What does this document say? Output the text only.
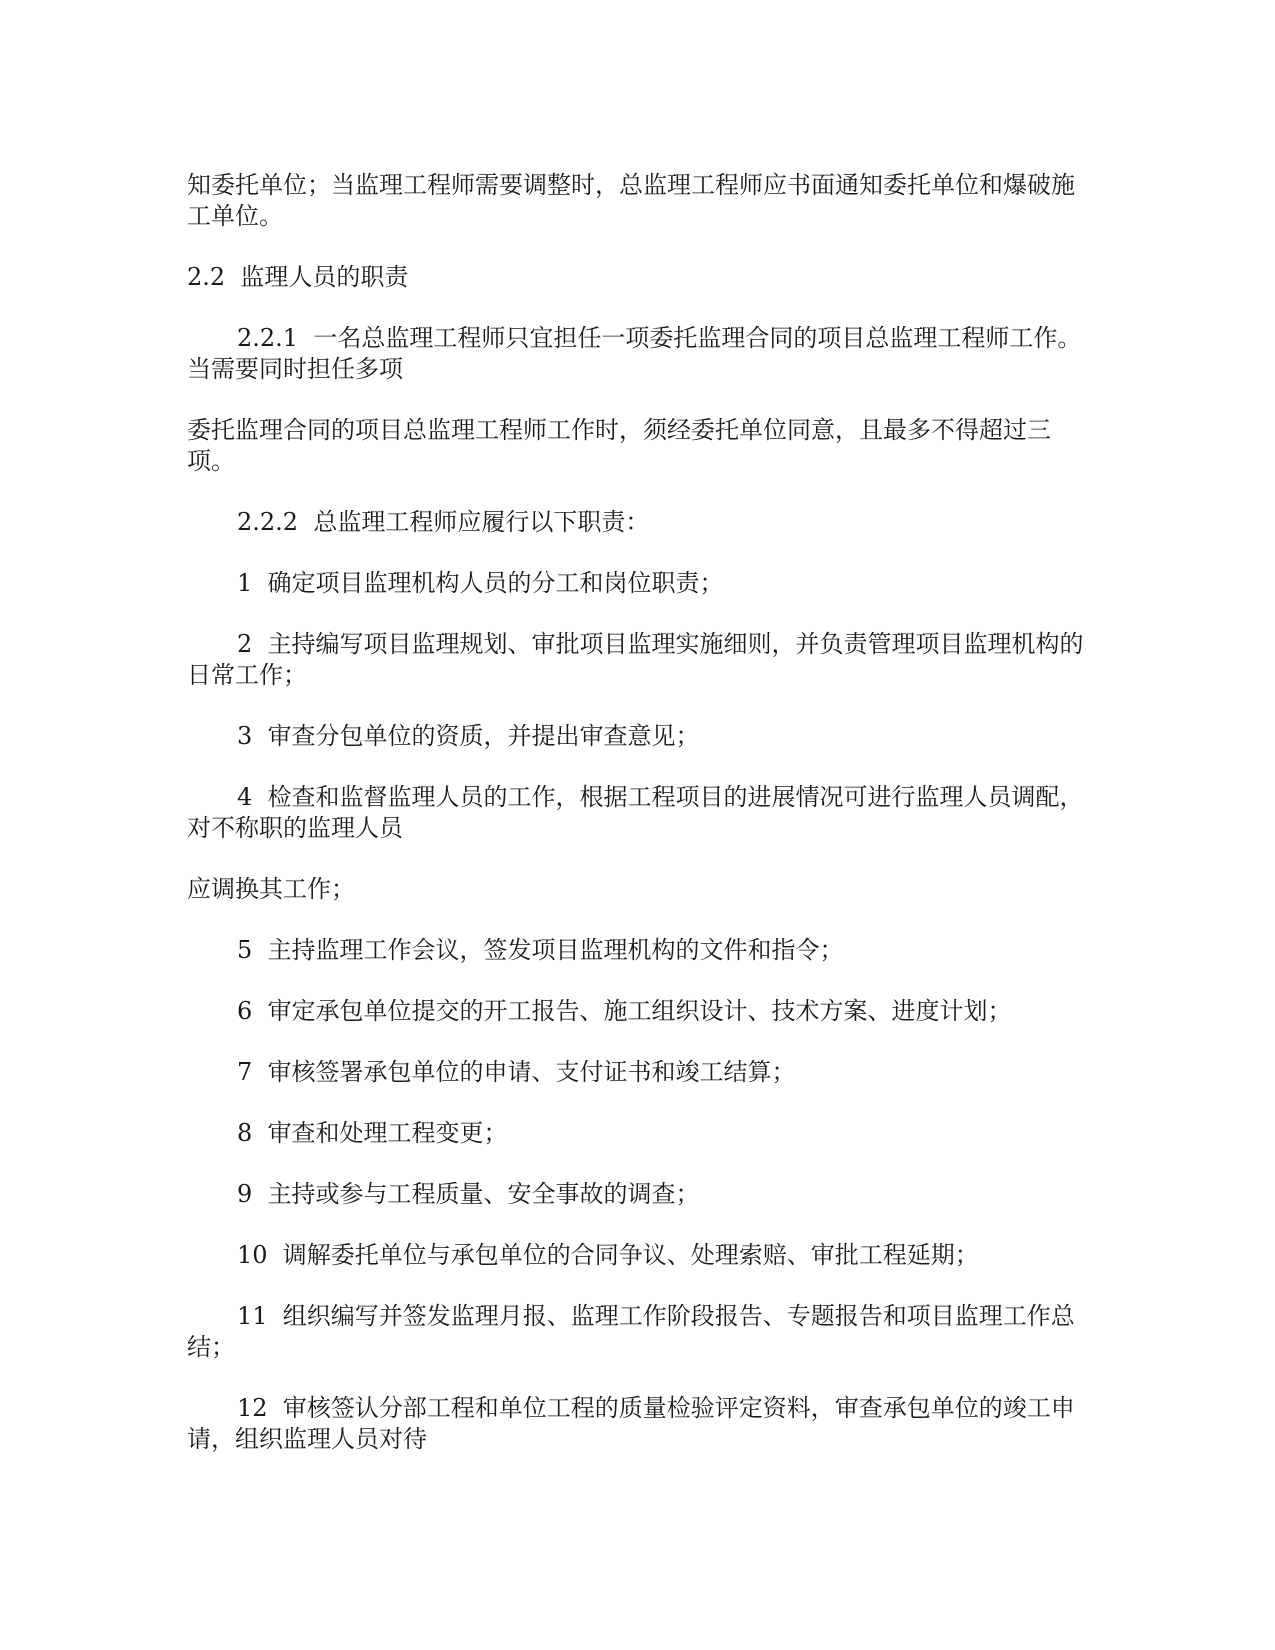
知委托单位；当监理工程师需要调整时，总监理工程师应书面通知委托单位和爆破施工单位。

2.2  监理人员的职责

2.2.1  一名总监理工程师只宜担任一项委托监理合同的项目总监理工程师工作。当需要同时担任多项

委托监理合同的项目总监理工程师工作时，须经委托单位同意，且最多不得超过三项。

2.2.2  总监理工程师应履行以下职责：

1  确定项目监理机构人员的分工和岗位职责；

2  主持编写项目监理规划、审批项目监理实施细则，并负责管理项目监理机构的日常工作；

3  审查分包单位的资质，并提出审查意见；

4  检查和监督监理人员的工作，根据工程项目的进展情况可进行监理人员调配，对不称职的监理人员

应调换其工作；

5  主持监理工作会议，签发项目监理机构的文件和指令；

6  审定承包单位提交的开工报告、施工组织设计、技术方案、进度计划；

7  审核签署承包单位的申请、支付证书和竣工结算；

8  审查和处理工程变更；

9  主持或参与工程质量、安全事故的调查；

10  调解委托单位与承包单位的合同争议、处理索赔、审批工程延期；

11  组织编写并签发监理月报、监理工作阶段报告、专题报告和项目监理工作总结；

12  审核签认分部工程和单位工程的质量检验评定资料，审查承包单位的竣工申请，组织监理人员对待
